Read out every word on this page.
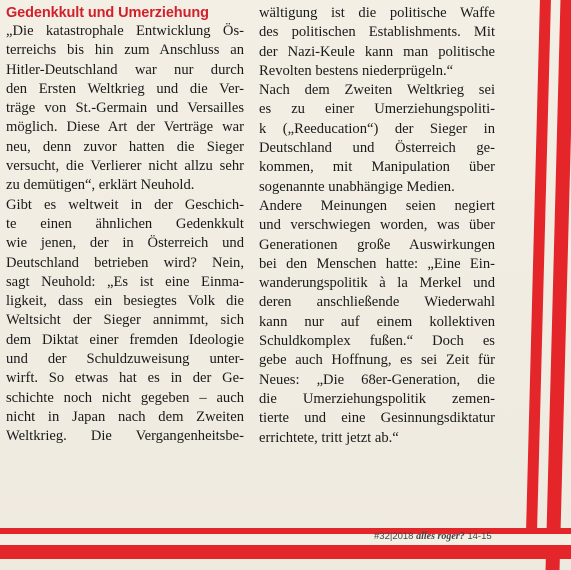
Gedenkkult und Umerziehung
„Die katastrophale Entwicklung Ös-
terreichs bis hin zum Anschluss an
Hitler-Deutschland war nur durch
den Ersten Weltkrieg und die Ver-
träge von St.-Germain und Versailles
möglich. Diese Art der Verträge war
neu, denn zuvor hatten die Sieger
versucht, die Verlierer nicht allzu sehr
zu demütigen“, erklärt Neuhold.
Gibt es weltweit in der Geschich-
te einen ähnlichen Gedenkkult
wie jenen, der in Österreich und
Deutschland betrieben wird? Nein,
sagt Neuhold: „Es ist eine Einma-
ligkeit, dass ein besiegtes Volk die
Weltsicht der Sieger annimmt, sich
dem Diktat einer fremden Ideologie
und der Schuldzuweisung unter-
wirft. So etwas hat es in der Ge-
schichte noch nicht gegeben – auch
nicht in Japan nach dem Zweiten
Weltkrieg. Die Vergangenheitsbe-
wältigung ist die politische Waffe
des politischen Establishments. Mit
der Nazi-Keule kann man politische
Revolten bestens niederprügeln.“
Nach dem Zweiten Weltkrieg sei
es zu einer Umerziehungspoliti-
k („Reeducation“) der Sieger in
Deutschland und Österreich ge-
kommen, mit Manipulation über
sogenannte unabhängige Medien.
Andere Meinungen seien negiert
und verschwiegen worden, was über
Generationen große Auswirkungen
bei den Menschen hatte: „Eine Ein-
wanderungspolitik à la Merkel und
deren anschließende Wiederwahl
kann nur auf einem kollektiven
Schuldkomplex fußen.“ Doch es
gebe auch Hoffnung, es sei Zeit für
Neues: „Die 68er-Generation, die
die Umerziehungspolitik zemen-
tierte und eine Gesinnungsdiktatur
errichtete, tritt jetzt ab.“
#32|2018 alles roger? 14-15
